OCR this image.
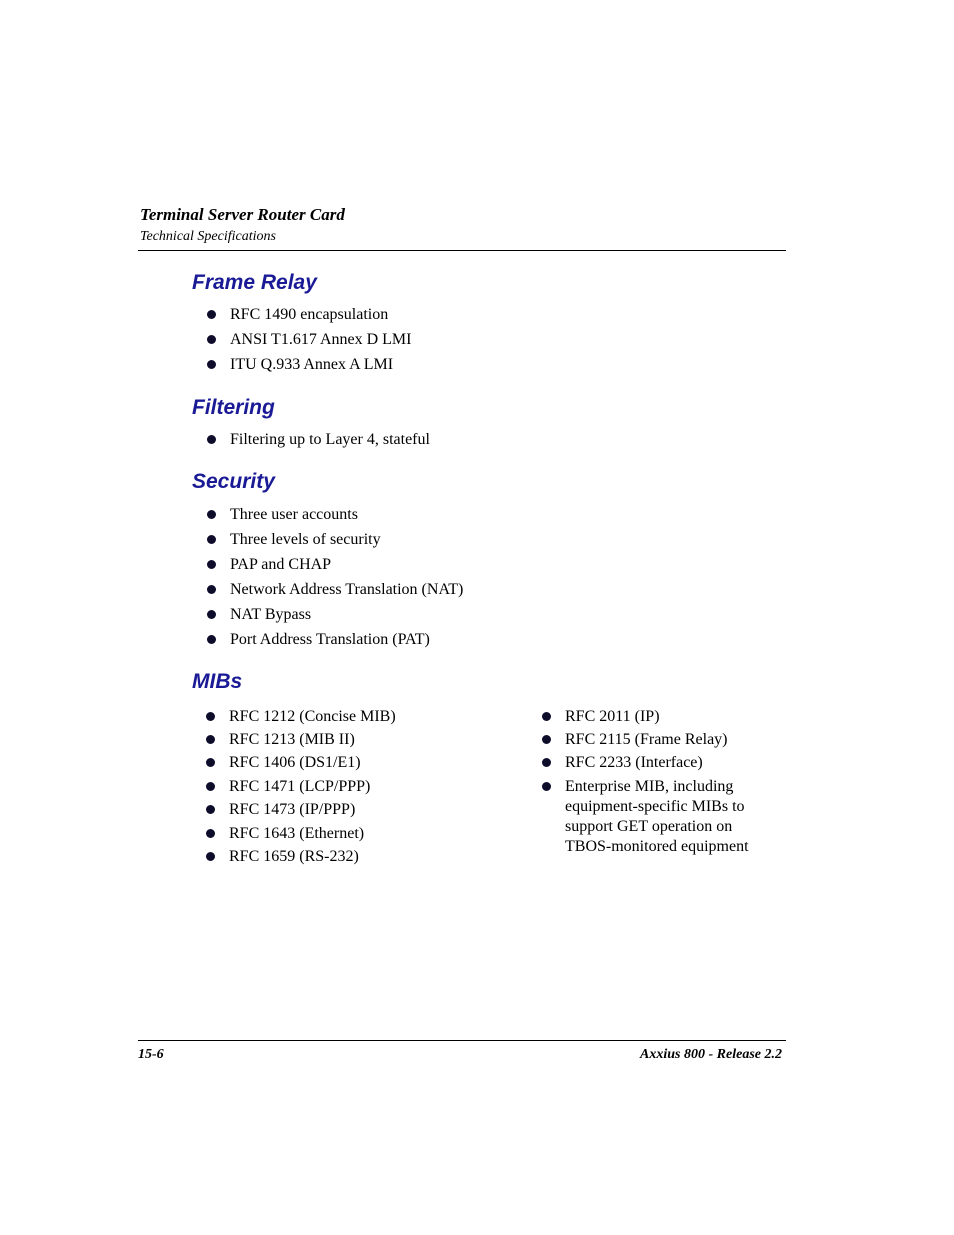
Terminal Server Router Card
Technical Specifications
Frame Relay
RFC 1490 encapsulation
ANSI T1.617 Annex D LMI
ITU Q.933 Annex A LMI
Filtering
Filtering up to Layer 4, stateful
Security
Three user accounts
Three levels of security
PAP and CHAP
Network Address Translation (NAT)
NAT Bypass
Port Address Translation (PAT)
MIBs
RFC 1212 (Concise MIB)
RFC 1213 (MIB II)
RFC 1406 (DS1/E1)
RFC 1471 (LCP/PPP)
RFC 1473 (IP/PPP)
RFC 1643 (Ethernet)
RFC 1659 (RS-232)
RFC 2011 (IP)
RFC 2115 (Frame Relay)
RFC 2233 (Interface)
Enterprise MIB, including
equipment-specific MIBs to
support GET operation on
TBOS-monitored equipment
15-6	Axxius 800 - Release 2.2
